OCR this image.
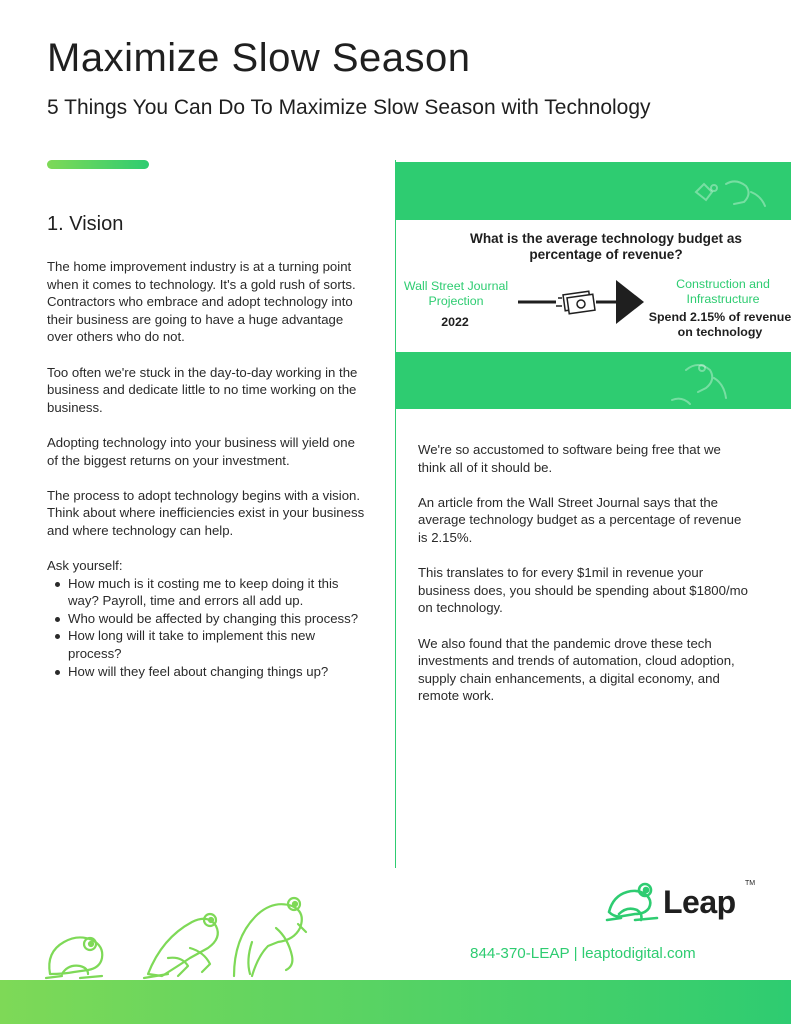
Maximize Slow Season
5 Things You Can Do To Maximize Slow Season with Technology
1. Vision

The home improvement industry is at a turning point when it comes to technology. It's a gold rush of sorts. Contractors who embrace and adopt technology into their business are going to have a huge advantage over others who do not.

Too often we're stuck in the day-to-day working in the business and dedicate little to no time working on the business.

Adopting technology into your business will yield one of the biggest returns on your investment.

The process to adopt technology begins with a vision. Think about where inefficiencies exist in your business and where technology can help.

Ask yourself:
How much is it costing me to keep doing it this way? Payroll, time and errors all add up.
Who would be affected by changing this process?
How long will it take to implement this new process?
How will they feel about changing things up?
What is the average technology budget as percentage of revenue?
Wall Street Journal Projection
2022
Construction and Infrastructure
Spend 2.15% of revenue on technology

We're so accustomed to software being free that we think all of it should be.

An article from the Wall Street Journal says that the average technology budget as a percentage of revenue is 2.15%.

This translates to for every $1mil in revenue your business does, you should be spending about $1800/mo on technology.

We also found that the pandemic drove these tech investments and trends of automation, cloud adoption, supply chain enhancements, a digital economy, and remote work.

Leap
TM
844-370-LEAP | leaptodigital.com
